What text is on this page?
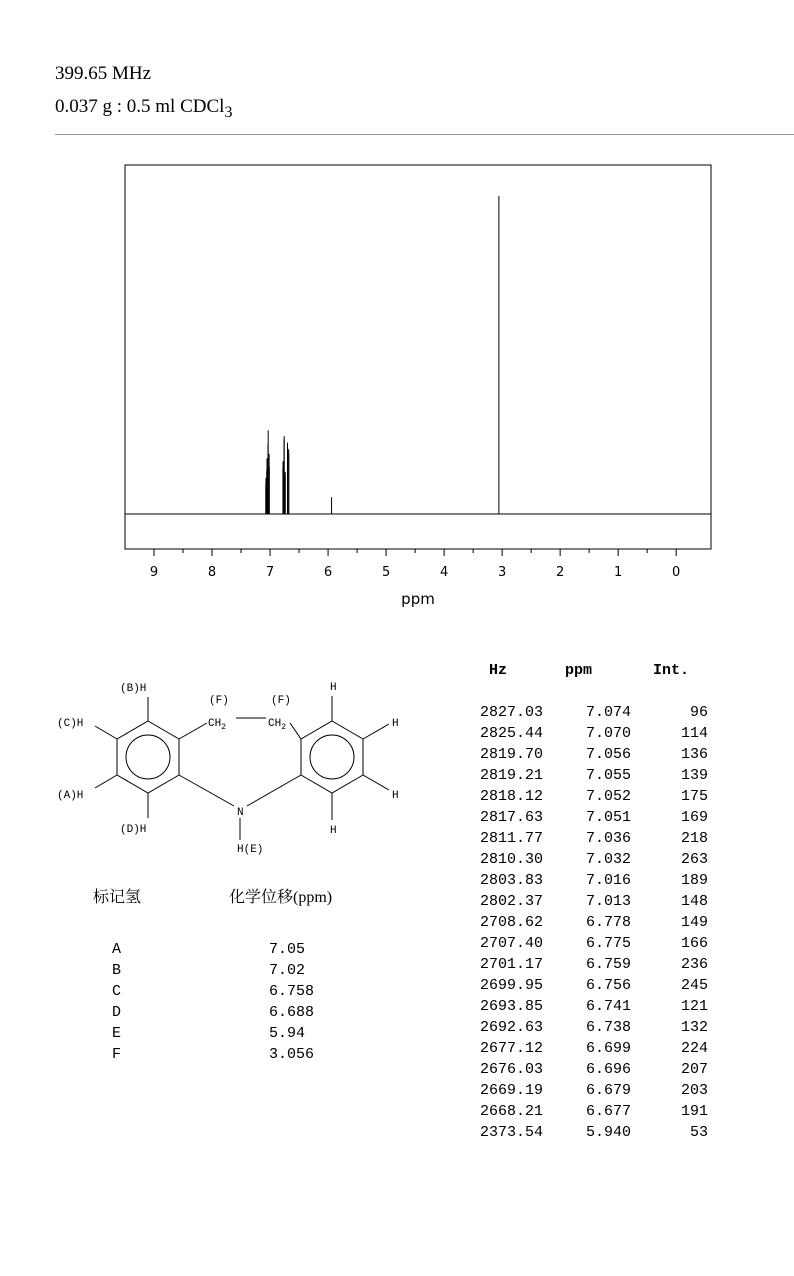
399.65 MHz
0.037 g : 0.5 ml CDCl$_3$
9	8	7	6	5	4	3	2	1	0
ppm
(B)H
(C)H
(A)H
(D)H
(F)	(F)
$CH_2$	$CH_2$
H
H
H
H
N
H(E)
Hz	ppm	Int.
2827.03	7.074	96
2825.44	7.070	114
2819.70	7.056	136
2819.21	7.055	139
2818.12	7.052	175
2817.63	7.051	169
2811.77	7.036	218
2810.30	7.032	263
2803.83	7.016	189
2802.37	7.013	148
2708.62	6.778	149
2707.40	6.775	166
2701.17	6.759	236
2699.95	6.756	245
2693.85	6.741	121
2692.63	6.738	132
2677.12	6.699	224
2676.03	6.696	207
2669.19	6.679	203
2668.21	6.677	191
2373.54	5.940	53
标记氢	化学位移(ppm)
A	7.05
B	7.02
C	6.758
D	6.688
E	5.94
F	3.056
